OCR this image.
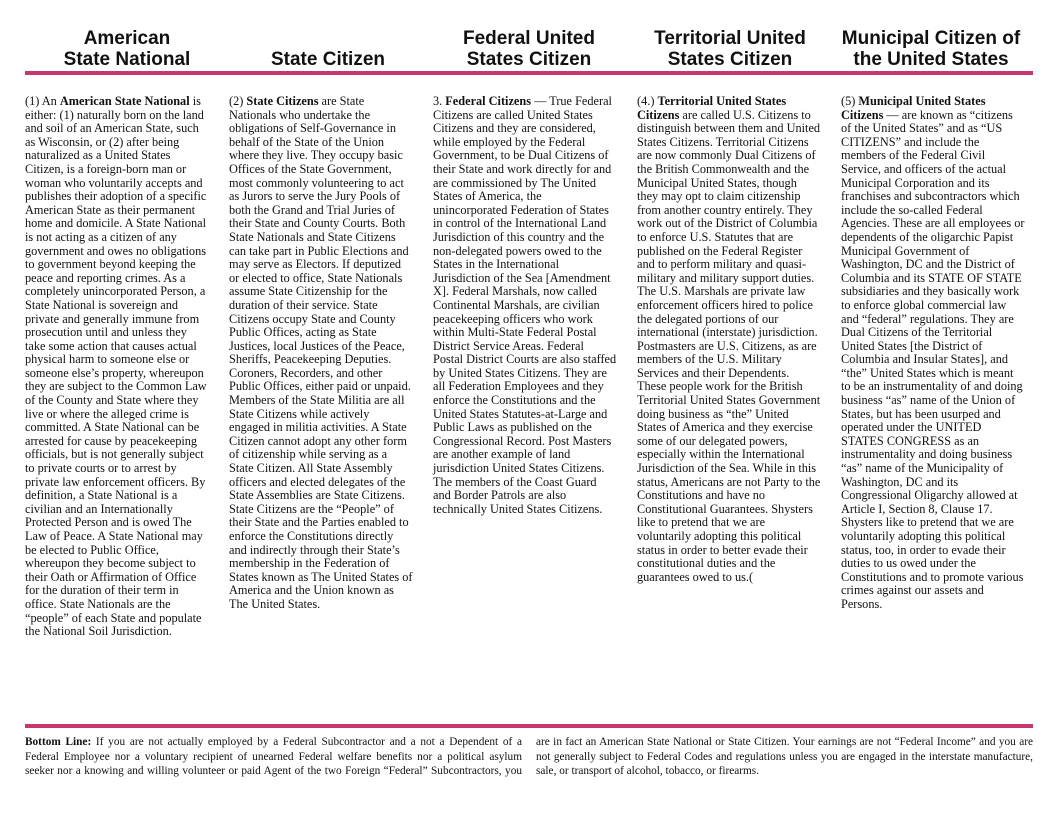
American
State National	State Citizen
Federal United
States Citizen
Territorial United
States Citizen
Municipal Citizen of
the United States
(1) An American State National is either: (1) naturally born on the land and soil of an American State, such as Wisconsin, or (2) after being naturalized as a United States Citizen, is a foreign-born man or woman who voluntarily accepts and publishes their adoption of a specific American State as their permanent home and domicile. A State National is not acting as a citizen of any government and owes no obligations to government beyond keeping the peace and reporting crimes. As a completely unincorporated Person, a State National is sovereign and private and generally immune from prosecution until and unless they take some action that causes actual physical harm to someone else or someone else’s property, whereupon they are subject to the Common Law of the County and State where they live or where the alleged crime is committed. A State National can be arrested for cause by peacekeeping officials, but is not generally subject to private courts or to arrest by private law enforcement officers. By definition, a State National is a civilian and an Internationally Protected Person and is owed The Law of Peace. A State National may be elected to Public Office, whereupon they become subject to their Oath or Affirmation of Office for the duration of their term in office. State Nationals are the “people” of each State and populate the National Soil Jurisdiction.
(2) State Citizens are State Nationals who undertake the obligations of Self-Governance in behalf of the State of the Union where they live. They occupy basic Offices of the State Government, most commonly volunteering to act as Jurors to serve the Jury Pools of both the Grand and Trial Juries of their State and County Courts. Both State Nationals and State Citizens can take part in Public Elections and may serve as Electors. If deputized or elected to office, State Nationals assume State Citizenship for the duration of their service. State Citizens occupy State and County Public Offices, acting as State Justices, local Justices of the Peace, Sheriffs, Peacekeeping Deputies. Coroners, Recorders, and other Public Offices, either paid or unpaid. Members of the State Militia are all State Citizens while actively engaged in militia activities. A State Citizen cannot adopt any other form of citizenship while serving as a State Citizen. All State Assembly officers and elected delegates of the State Assemblies are State Citizens. State Citizens are the “People” of their State and the Parties enabled to enforce the Constitutions directly and indirectly through their State’s membership in the Federation of States known as The United States of America and the Union known as The United States.
3. Federal Citizens — True Federal Citizens are called United States Citizens and they are considered, while employed by the Federal Government, to be Dual Citizens of their State and work directly for and are commissioned by The United States of America, the unincorporated Federation of States in control of the International Land Jurisdiction of this country and the non-delegated powers owed to the States in the International Jurisdiction of the Sea [Amendment X]. Federal Marshals, now called Continental Marshals, are civilian peacekeeping officers who work within Multi-State Federal Postal District Service Areas. Federal Postal District Courts are also staffed by United States Citizens. They are all Federation Employees and they enforce the Constitutions and the United States Statutes-at-Large and Public Laws as published on the Congressional Record. Post Masters are another example of land jurisdiction United States Citizens. The members of the Coast Guard and Border Patrols are also technically United States Citizens.
(4.) Territorial United States Citizens are called U.S. Citizens to distinguish between them and United States Citizens. Territorial Citizens are now commonly Dual Citizens of the British Commonwealth and the Municipal United States, though they may opt to claim citizenship from another country entirely. They work out of the District of Columbia to enforce U.S. Statutes that are published on the Federal Register and to perform military and quasi-military and military support duties. The U.S. Marshals are private law enforcement officers hired to police the delegated portions of our international (interstate) jurisdiction. Postmasters are U.S. Citizens, as are members of the U.S. Military Services and their Dependents. These people work for the British Territorial United States Government doing business as “the” United States of America and they exercise some of our delegated powers, especially within the International Jurisdiction of the Sea. While in this status, Americans are not Party to the Constitutions and have no Constitutional Guarantees. Shysters like to pretend that we are voluntarily adopting this political status in order to better evade their constitutional duties and the guarantees owed to us.(
(5) Municipal United States Citizens — are known as “citizens of the United States” and as “US CITIZENS” and include the members of the Federal Civil Service, and officers of the actual Municipal Corporation and its franchises and subcontractors which include the so-called Federal Agencies. These are all employees or dependents of the oligarchic Papist Municipal Government of Washington, DC and the District of Columbia and its STATE OF STATE subsidiaries and they basically work to enforce global commercial law and “federal” regulations. They are Dual Citizens of the Territorial United States [the District of Columbia and Insular States], and “the” United States which is meant to be an instrumentality of and doing business “as” name of the Union of States, but has been usurped and operated under the UNITED STATES CONGRESS as an instrumentality and doing business “as” name of the Municipality of Washington, DC and its Congressional Oligarchy allowed at Article I, Section 8, Clause 17. Shysters like to pretend that we are voluntarily adopting this political status, too, in order to evade their duties to us owed under the Constitutions and to promote various crimes against our assets and Persons.
Bottom Line: If you are not actually employed by a Federal Subcontractor and a not a Dependent of a Federal Employee nor a voluntary recipient of unearned Federal welfare benefits nor a political asylum seeker nor a knowing and willing volunteer or paid Agent of the two Foreign “Federal” Subcontractors, you are in fact an American State National or State Citizen. Your earnings are not “Federal Income” and you are not generally subject to Federal Codes and regulations unless you are engaged in the interstate manufacture, sale, or transport of alcohol, tobacco, or firearms.
